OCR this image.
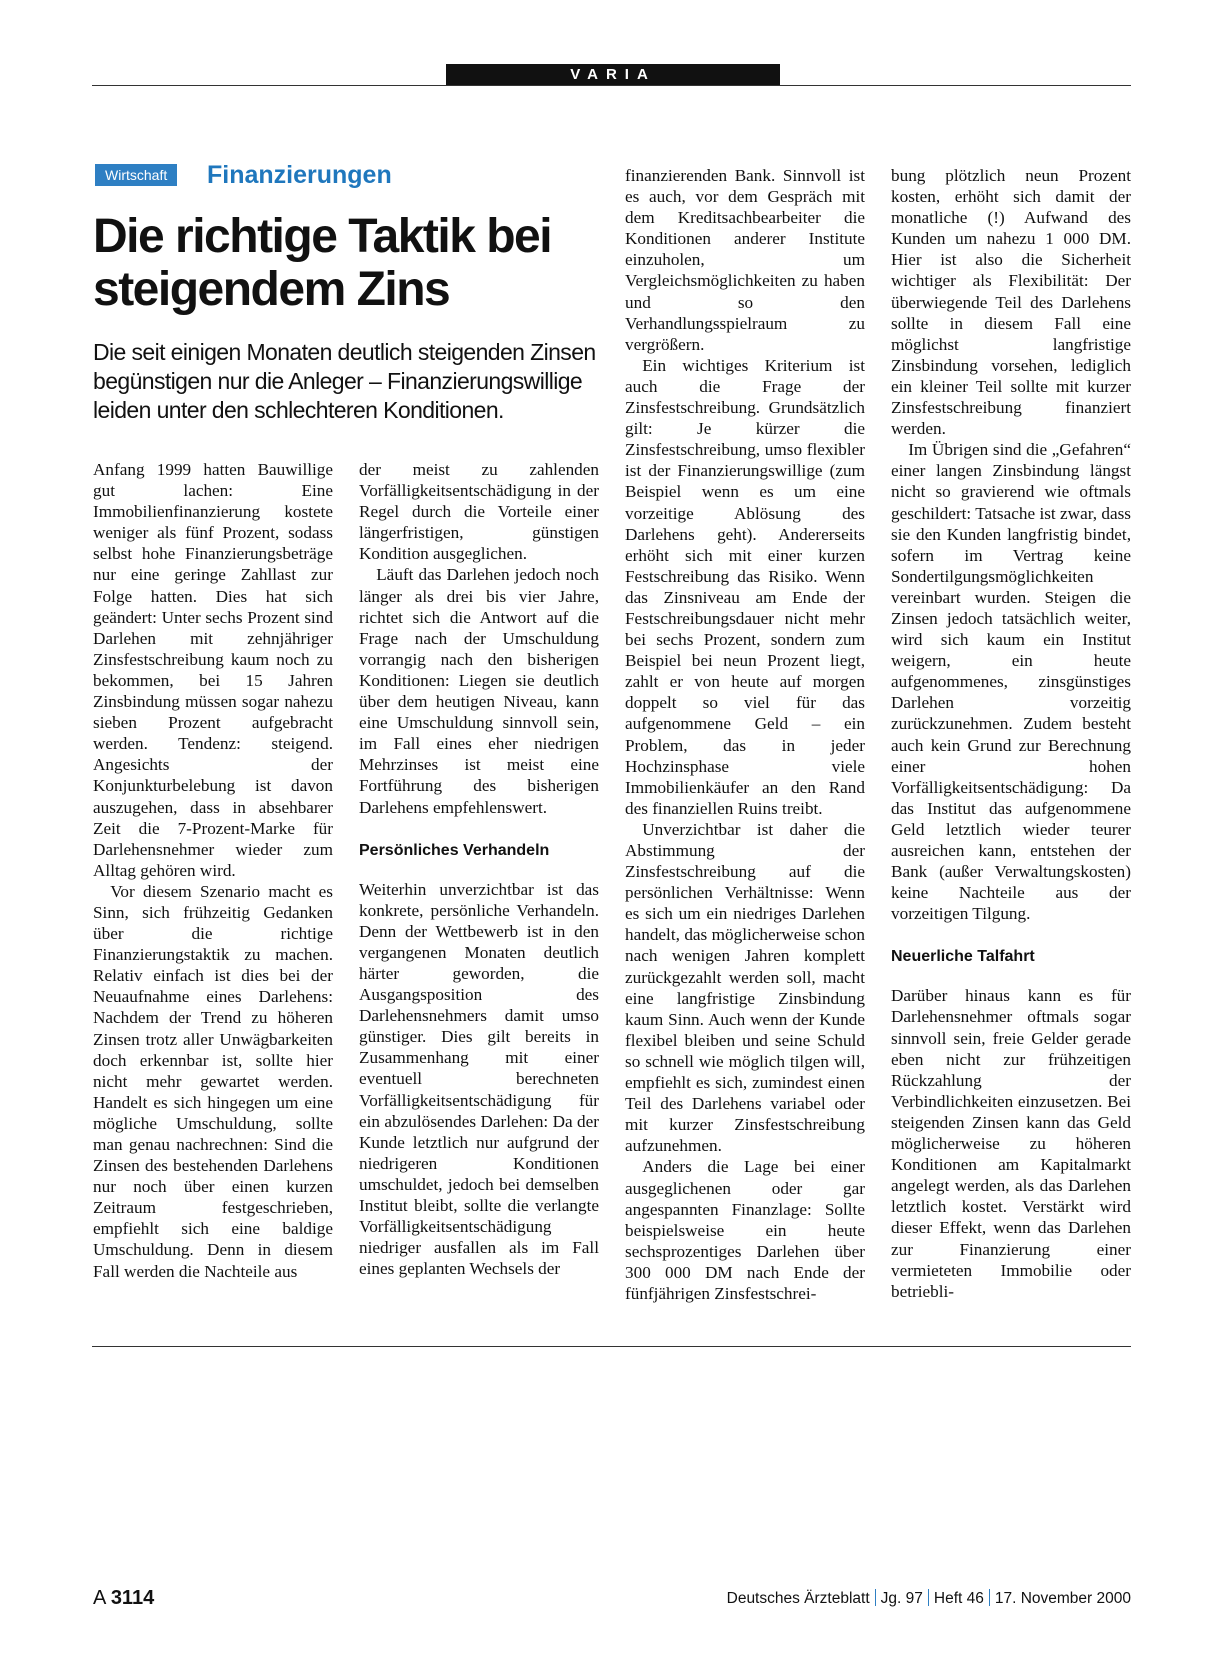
VARIA
Wirtschaft	Finanzierungen
Die richtige Taktik bei steigendem Zins

Die seit einigen Monaten deutlich steigenden Zinsen begünstigen nur die Anleger – Finanzierungswillige leiden unter den schlechteren Konditionen.

Anfang 1999 hatten Bauwillige gut lachen: Eine Immobilienfinanzierung kostete weniger als fünf Prozent, sodass selbst hohe Finanzierungsbeträge nur eine geringe Zahllast zur Folge hatten. Dies hat sich geändert: Unter sechs Prozent sind Darlehen mit zehnjähriger Zinsfestschreibung kaum noch zu bekommen, bei 15 Jahren Zinsbindung müssen sogar nahezu sieben Prozent aufgebracht werden. Tendenz: steigend. Angesichts der Konjunkturbelebung ist davon auszugehen, dass in absehbarer Zeit die 7-Prozent-Marke für Darlehensnehmer wieder zum Alltag gehören wird.

Vor diesem Szenario macht es Sinn, sich frühzeitig Gedanken über die richtige Finanzierungstaktik zu machen. Relativ einfach ist dies bei der Neuaufnahme eines Darlehens: Nachdem der Trend zu höheren Zinsen trotz aller Unwägbarkeiten doch erkennbar ist, sollte hier nicht mehr gewartet werden. Handelt es sich hingegen um eine mögliche Umschuldung, sollte man genau nachrechnen: Sind die Zinsen des bestehenden Darlehens nur noch über einen kurzen Zeitraum festgeschrieben, empfiehlt sich eine baldige Umschuldung. Denn in diesem Fall werden die Nachteile aus

der meist zu zahlenden Vorfälligkeitsentschädigung in der Regel durch die Vorteile einer längerfristigen, günstigen Kondition ausgeglichen.

Läuft das Darlehen jedoch noch länger als drei bis vier Jahre, richtet sich die Antwort auf die Frage nach der Umschuldung vorrangig nach den bisherigen Konditionen: Liegen sie deutlich über dem heutigen Niveau, kann eine Umschuldung sinnvoll sein, im Fall eines eher niedrigen Mehrzinses ist meist eine Fortführung des bisherigen Darlehens empfehlenswert.

Persönliches Verhandeln

Weiterhin unverzichtbar ist das konkrete, persönliche Verhandeln. Denn der Wettbewerb ist in den vergangenen Monaten deutlich härter geworden, die Ausgangsposition des Darlehensnehmers damit umso günstiger. Dies gilt bereits in Zusammenhang mit einer eventuell berechneten Vorfälligkeitsentschädigung für ein abzulösendes Darlehen: Da der Kunde letztlich nur aufgrund der niedrigeren Konditionen umschuldet, jedoch bei demselben Institut bleibt, sollte die verlangte Vorfälligkeitsentschädigung niedriger ausfallen als im Fall eines geplanten Wechsels der

finanzierenden Bank. Sinnvoll ist es auch, vor dem Gespräch mit dem Kreditsachbearbeiter die Konditionen anderer Institute einzuholen, um Vergleichsmöglichkeiten zu haben und so den Verhandlungsspielraum zu vergrößern.

Ein wichtiges Kriterium ist auch die Frage der Zinsfestschreibung. Grundsätzlich gilt: Je kürzer die Zinsfestschreibung, umso flexibler ist der Finanzierungswillige (zum Beispiel wenn es um eine vorzeitige Ablösung des Darlehens geht). Andererseits erhöht sich mit einer kurzen Festschreibung das Risiko. Wenn das Zinsniveau am Ende der Festschreibungsdauer nicht mehr bei sechs Prozent, sondern zum Beispiel bei neun Prozent liegt, zahlt er von heute auf morgen doppelt so viel für das aufgenommene Geld – ein Problem, das in jeder Hochzinsphase viele Immobilienkäufer an den Rand des finanziellen Ruins treibt.

Unverzichtbar ist daher die Abstimmung der Zinsfestschreibung auf die persönlichen Verhältnisse: Wenn es sich um ein niedriges Darlehen handelt, das möglicherweise schon nach wenigen Jahren komplett zurückgezahlt werden soll, macht eine langfristige Zinsbindung kaum Sinn. Auch wenn der Kunde flexibel bleiben und seine Schuld so schnell wie möglich tilgen will, empfiehlt es sich, zumindest einen Teil des Darlehens variabel oder mit kurzer Zinsfestschreibung aufzunehmen.

Anders die Lage bei einer ausgeglichenen oder gar angespannten Finanzlage: Sollte beispielsweise ein heute sechsprozentiges Darlehen über 300 000 DM nach Ende der fünfjährigen Zinsfestschrei-

bung plötzlich neun Prozent kosten, erhöht sich damit der monatliche (!) Aufwand des Kunden um nahezu 1 000 DM. Hier ist also die Sicherheit wichtiger als Flexibilität: Der überwiegende Teil des Darlehens sollte in diesem Fall eine möglichst langfristige Zinsbindung vorsehen, lediglich ein kleiner Teil sollte mit kurzer Zinsfestschreibung finanziert werden.

Im Übrigen sind die „Gefahren“ einer langen Zinsbindung längst nicht so gravierend wie oftmals geschildert: Tatsache ist zwar, dass sie den Kunden langfristig bindet, sofern im Vertrag keine Sondertilgungsmöglichkeiten vereinbart wurden. Steigen die Zinsen jedoch tatsächlich weiter, wird sich kaum ein Institut weigern, ein heute aufgenommenes, zinsgünstiges Darlehen vorzeitig zurückzunehmen. Zudem besteht auch kein Grund zur Berechnung einer hohen Vorfälligkeitsentschädigung: Da das Institut das aufgenommene Geld letztlich wieder teurer ausreichen kann, entstehen der Bank (außer Verwaltungskosten) keine Nachteile aus der vorzeitigen Tilgung.

Neuerliche Talfahrt

Darüber hinaus kann es für Darlehensnehmer oftmals sogar sinnvoll sein, freie Gelder gerade eben nicht zur frühzeitigen Rückzahlung der Verbindlichkeiten einzusetzen. Bei steigenden Zinsen kann das Geld möglicherweise zu höheren Konditionen am Kapitalmarkt angelegt werden, als das Darlehen letztlich kostet. Verstärkt wird dieser Effekt, wenn das Darlehen zur Finanzierung einer vermieteten Immobilie oder betriebli-

A 3114	Deutsches Ärzteblatt Jg. 97 Heft 46 17. November 2000
